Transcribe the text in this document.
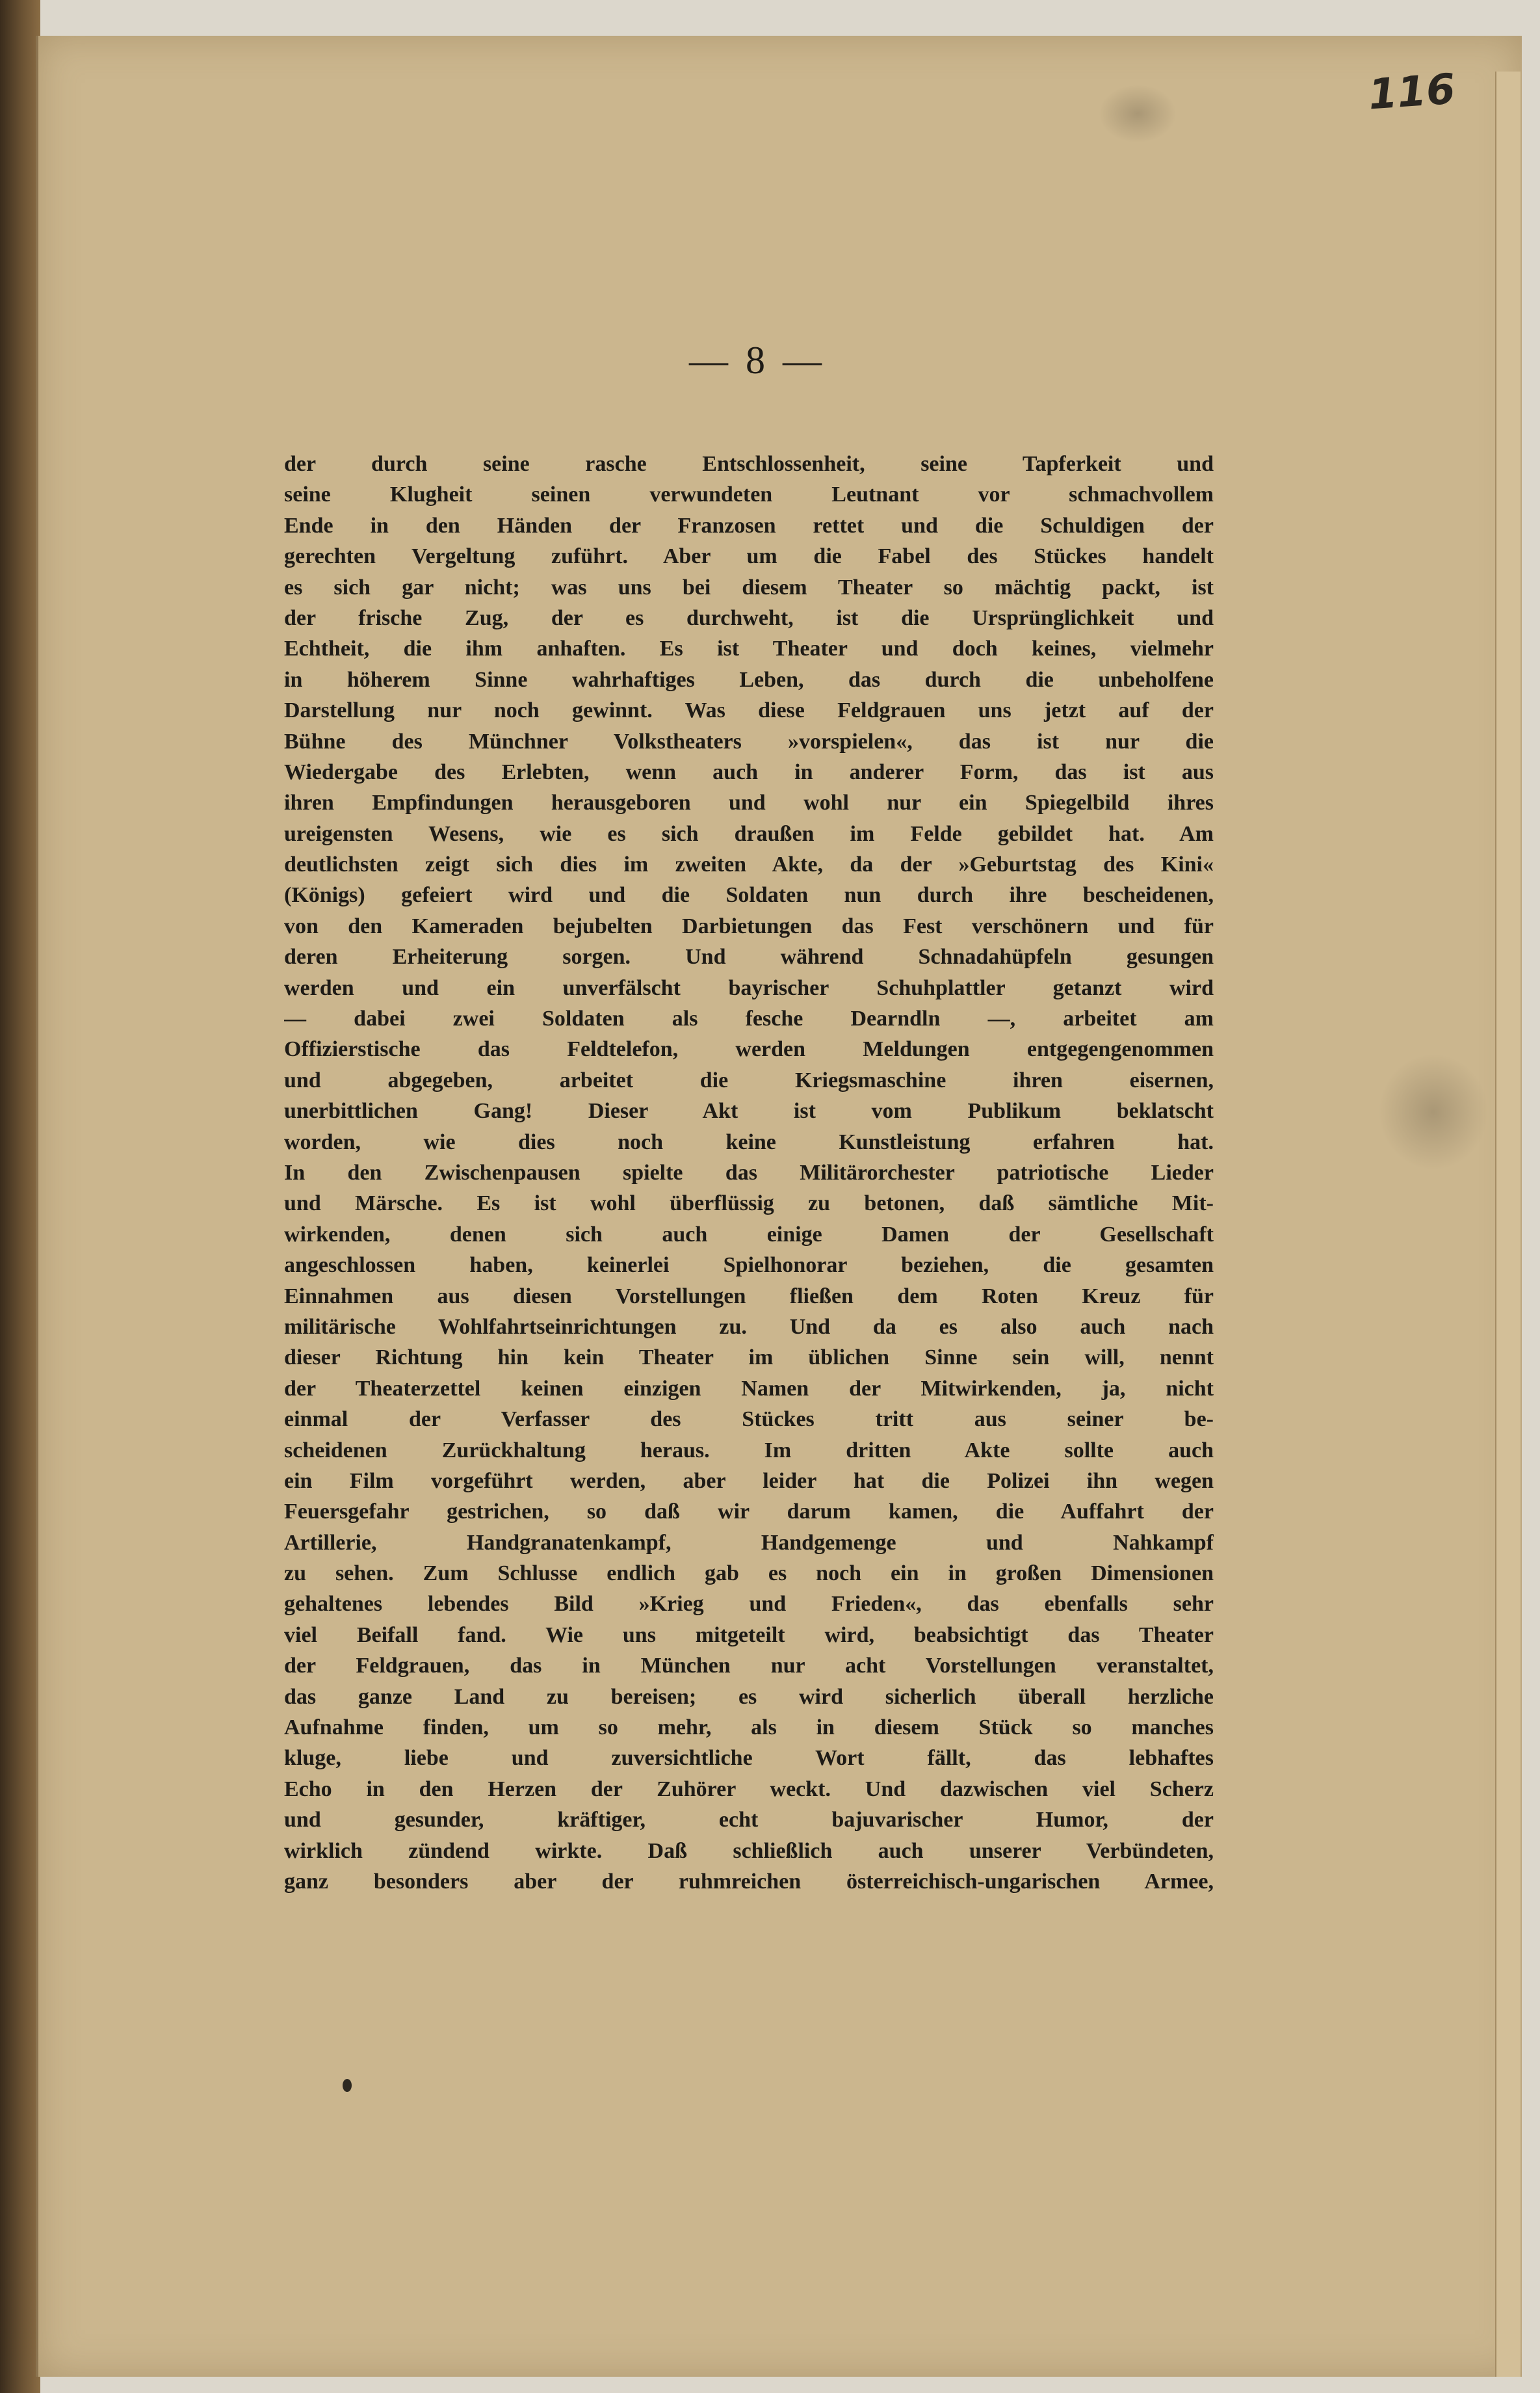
116
— 8 —
der durch seine rasche Entschlossenheit, seine Tapferkeit und
seine Klugheit seinen verwundeten Leutnant vor schmachvollem
Ende in den Händen der Franzosen rettet und die Schuldigen der
gerechten Vergeltung zuführt. Aber um die Fabel des Stückes handelt
es sich gar nicht; was uns bei diesem Theater so mächtig packt, ist
der frische Zug, der es durchweht, ist die Ursprünglichkeit und
Echtheit, die ihm anhaften. Es ist Theater und doch keines, vielmehr
in höherem Sinne wahrhaftiges Leben, das durch die unbeholfene
Darstellung nur noch gewinnt. Was diese Feldgrauen uns jetzt auf der
Bühne des Münchner Volkstheaters »vorspielen«, das ist nur die
Wiedergabe des Erlebten, wenn auch in anderer Form, das ist aus
ihren Empfindungen herausgeboren und wohl nur ein Spiegelbild ihres
ureigensten Wesens, wie es sich draußen im Felde gebildet hat. Am
deutlichsten zeigt sich dies im zweiten Akte, da der »Geburtstag des Kini«
(Königs) gefeiert wird und die Soldaten nun durch ihre bescheidenen,
von den Kameraden bejubelten Darbietungen das Fest verschönern und für
deren Erheiterung sorgen. Und während Schnadahüpfeln gesungen
werden und ein unverfälscht bayrischer Schuhplattler getanzt wird
— dabei zwei Soldaten als fesche Dearndln —, arbeitet am
Offizierstische das Feldtelefon, werden Meldungen entgegengenommen
und abgegeben, arbeitet die Kriegsmaschine ihren eisernen,
unerbittlichen Gang! Dieser Akt ist vom Publikum beklatscht
worden, wie dies noch keine Kunstleistung erfahren hat.
In den Zwischenpausen spielte das Militärorchester patriotische Lieder
und Märsche. Es ist wohl überflüssig zu betonen, daß sämtliche Mit-
wirkenden, denen sich auch einige Damen der Gesellschaft
angeschlossen haben, keinerlei Spielhonorar beziehen, die gesamten
Einnahmen aus diesen Vorstellungen fließen dem Roten Kreuz für
militärische Wohlfahrtseinrichtungen zu. Und da es also auch nach
dieser Richtung hin kein Theater im üblichen Sinne sein will, nennt
der Theaterzettel keinen einzigen Namen der Mitwirkenden, ja, nicht
einmal der Verfasser des Stückes tritt aus seiner be-
scheidenen Zurückhaltung heraus. Im dritten Akte sollte auch
ein Film vorgeführt werden, aber leider hat die Polizei ihn wegen
Feuersgefahr gestrichen, so daß wir darum kamen, die Auffahrt der
Artillerie, Handgranatenkampf, Handgemenge und Nahkampf
zu sehen. Zum Schlusse endlich gab es noch ein in großen Dimensionen
gehaltenes lebendes Bild »Krieg und Frieden«, das ebenfalls sehr
viel Beifall fand. Wie uns mitgeteilt wird, beabsichtigt das Theater
der Feldgrauen, das in München nur acht Vorstellungen veranstaltet,
das ganze Land zu bereisen; es wird sicherlich überall herzliche
Aufnahme finden, um so mehr, als in diesem Stück so manches
kluge, liebe und zuversichtliche Wort fällt, das lebhaftes
Echo in den Herzen der Zuhörer weckt. Und dazwischen viel Scherz
und gesunder, kräftiger, echt bajuvarischer Humor, der
wirklich zündend wirkte. Daß schließlich auch unserer Verbündeten,
ganz besonders aber der ruhmreichen österreichisch-ungarischen Armee,
